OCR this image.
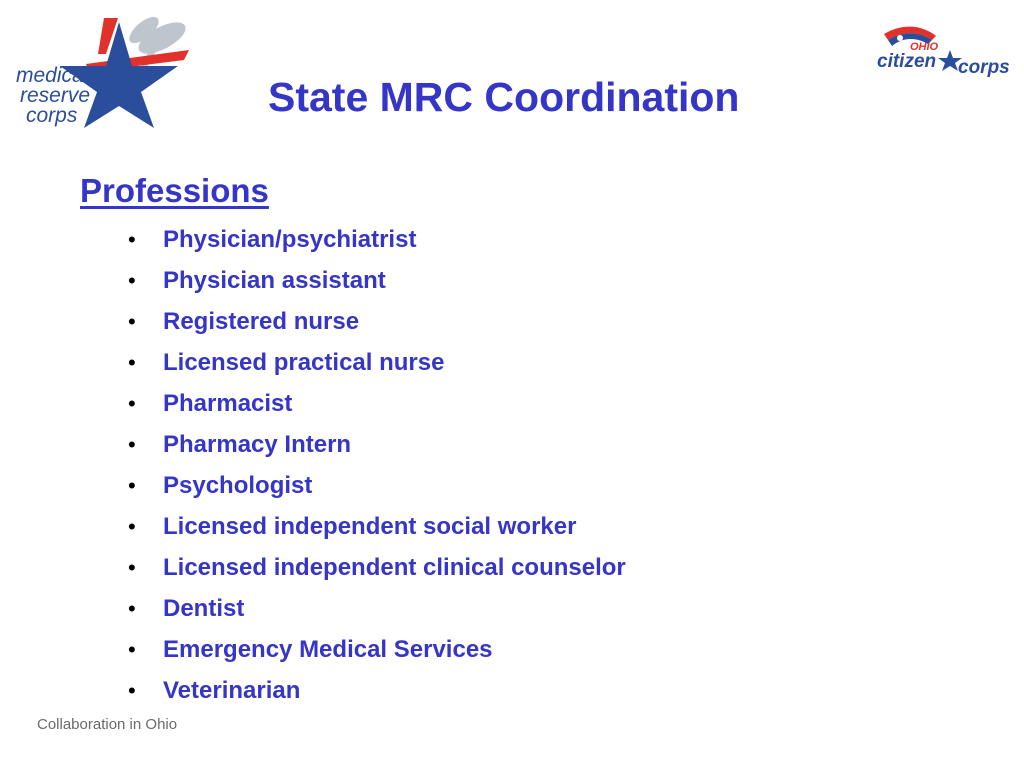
medical
reserve
corps
OHIO
citizen corps
State MRC Coordination
Professions
•	Physician/psychiatrist
•	Physician assistant
•	Registered nurse
•	Licensed practical nurse
•	Pharmacist
•	Pharmacy Intern
•	Psychologist
•	Licensed independent social worker
•	Licensed independent clinical counselor
•	Dentist
•	Emergency Medical Services
•	Veterinarian
Collaboration in Ohio
